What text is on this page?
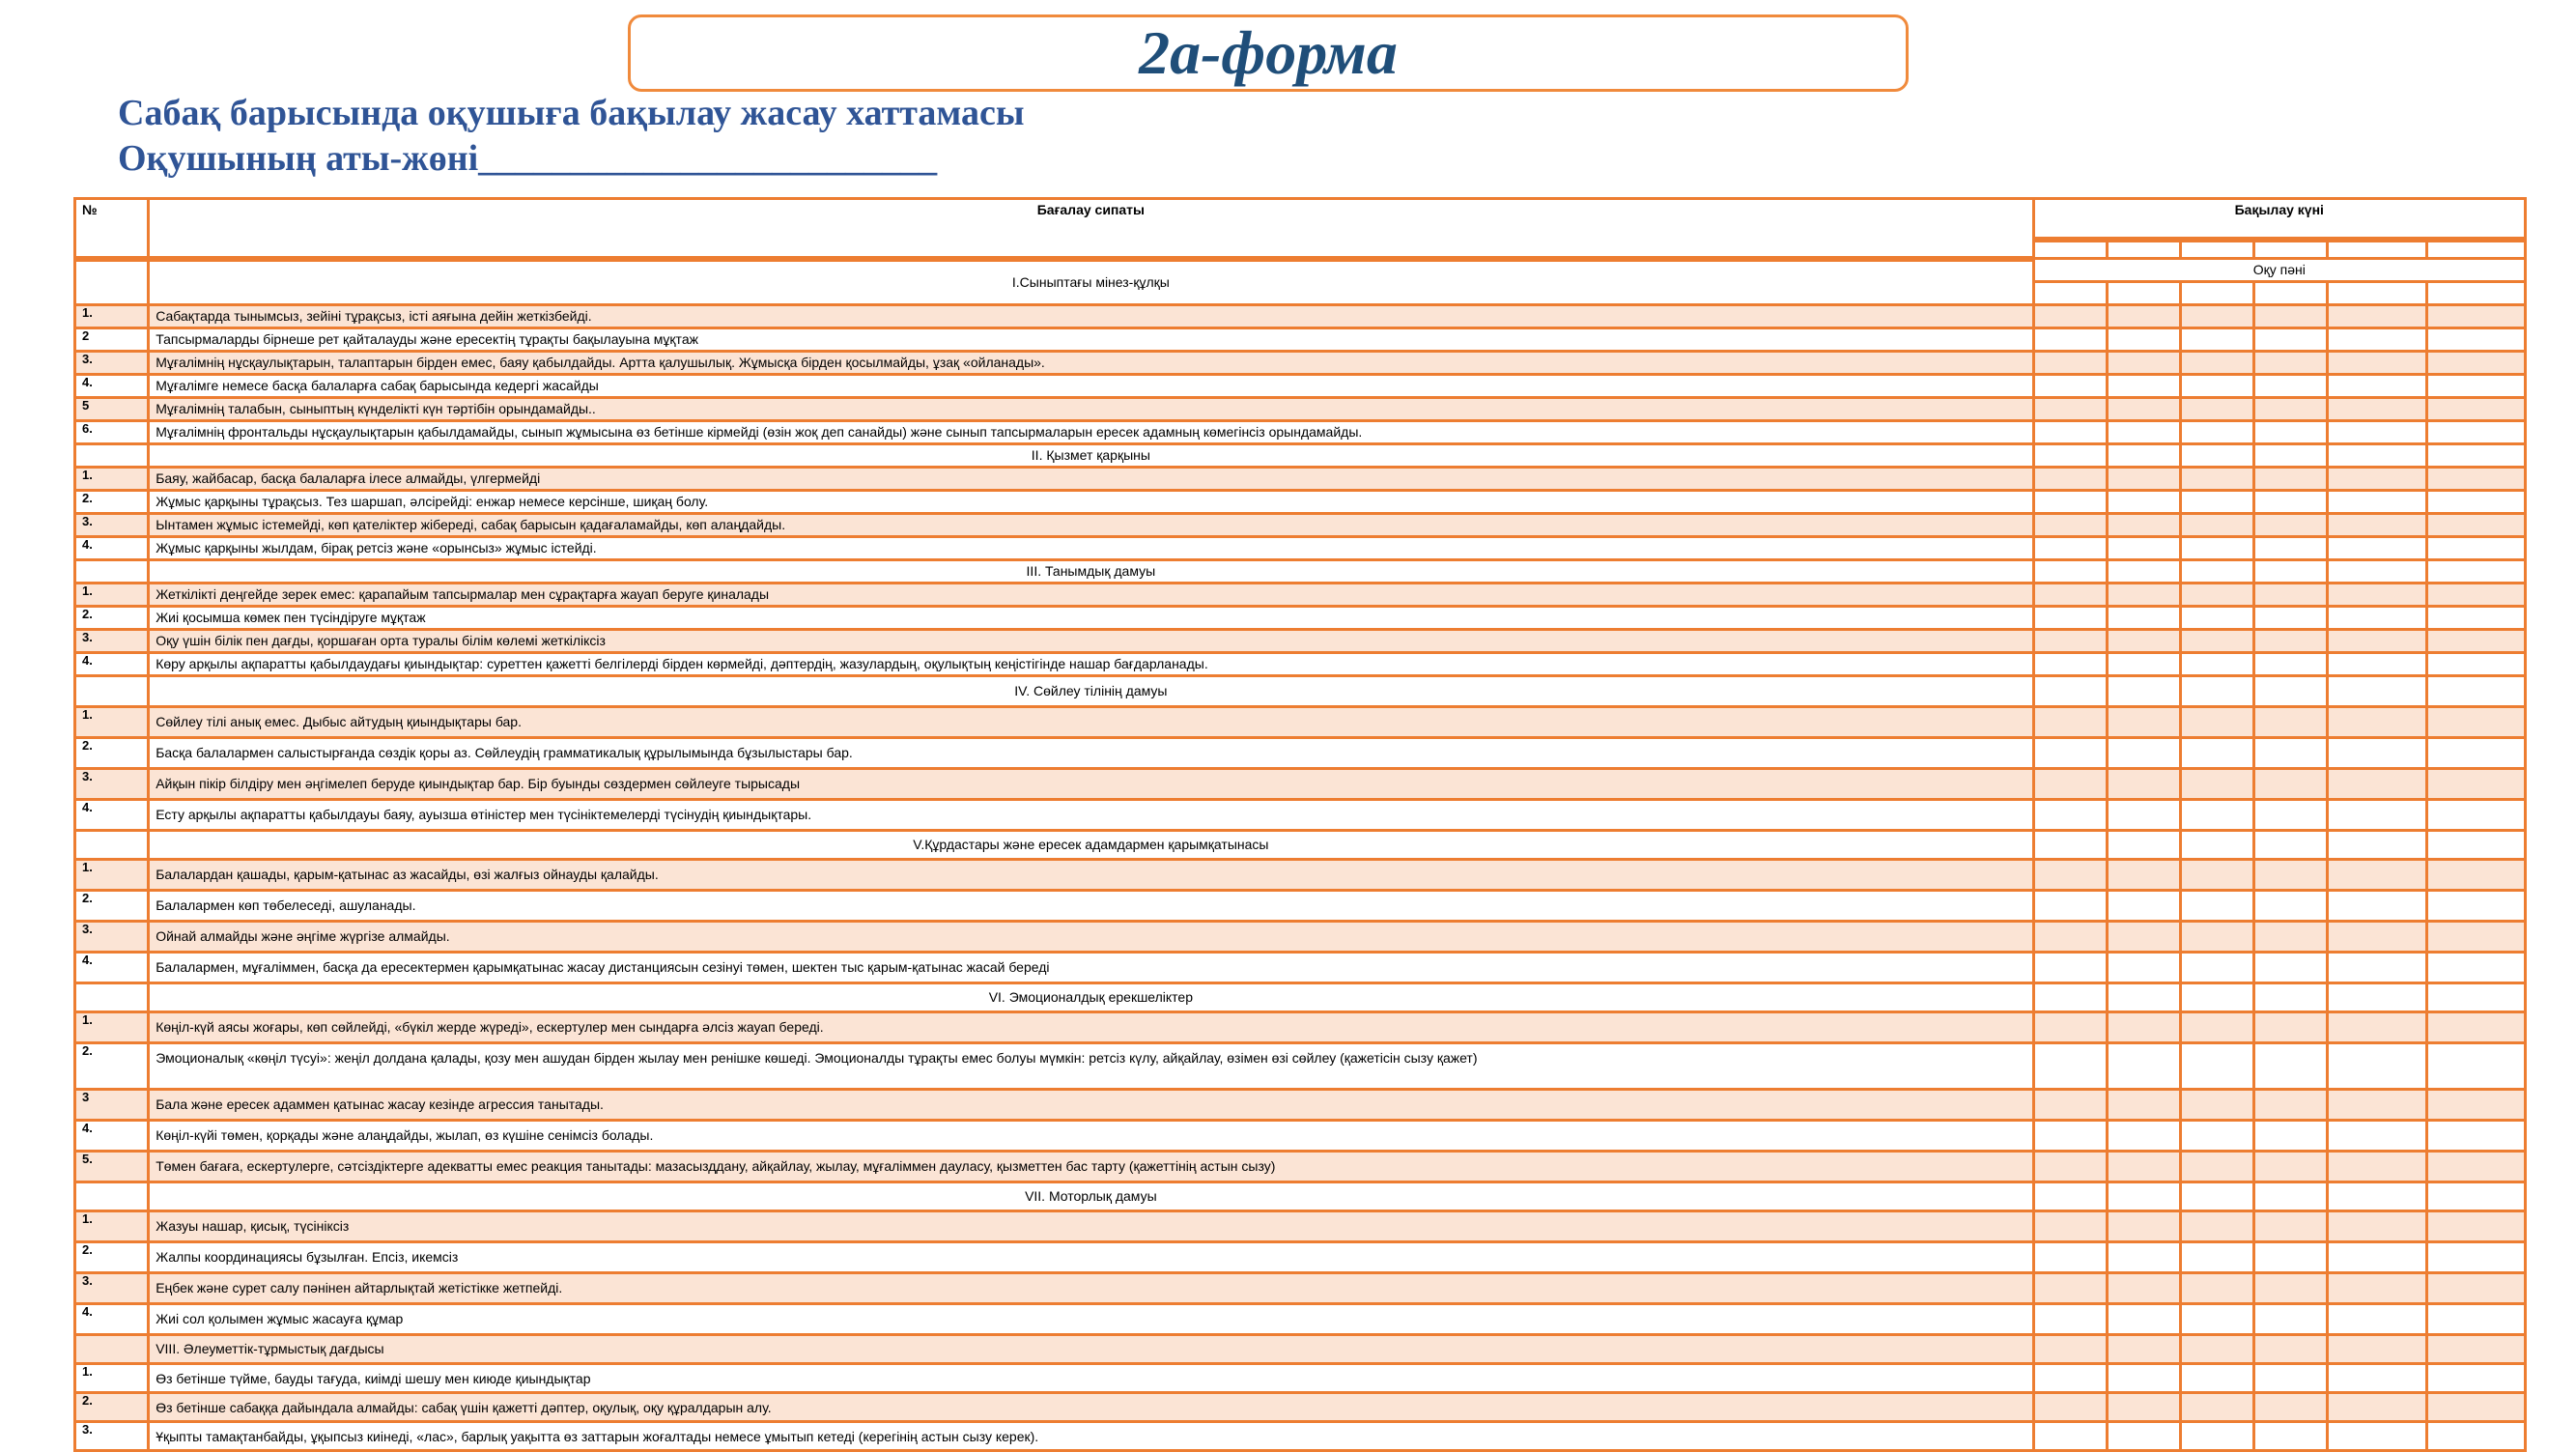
2а-форма
Сабақ барысында оқушыға бақылау жасау хаттамасы
Оқушының аты-жөні_________________________
№	Бағалау сипаты	Бақылау күні					

	І.Сыныптағы мінез-құлқы	Оқу пәні					

1.	Сабақтарда тынымсыз, зейіні тұрақсыз, істі аяғына дейін жеткізбейді.						
2	Тапсырмаларды бірнеше рет қайталауды және ересектің тұрақты бақылауына мұқтаж						
3.	Мұғалімнің нұсқаулықтарын, талаптарын бірден емес, баяу қабылдайды. Артта қалушылық. Жұмысқа бірден қосылмайды, ұзақ «ойланады».						
4.	Мұғалімге немесе басқа балаларға сабақ барысында кедергі жасайды						
5	Мұғалімнің талабын, сыныптың күнделікті күн тәртібін орындамайды..						
6.	Мұғалімнің фронтальды нұсқаулықтарын қабылдамайды, сынып жұмысына өз бетінше кірмейді (өзін жоқ деп санайды) және сынып тапсырмаларын ересек адамның көмегінсіз орындамайды.						
	ІІ. Қызмет қарқыны						
1.	Баяу, жайбасар, басқа балаларға ілесе алмайды, үлгермейді						
2.	Жұмыс қарқыны тұрақсыз. Тез шаршап, әлсірейді: енжар немесе керсінше, шиқаң болу.						
3.	Ынтамен жұмыс істемейді, көп қателіктер жібереді, сабақ барысын қадағаламайды, көп алаңдайды.						
4.	Жұмыс қарқыны жылдам, бірақ ретсіз және «орынсыз» жұмыс істейді.						
	ІІІ. Танымдық дамуы						
1.	Жеткілікті деңгейде зерек емес: қарапайым тапсырмалар мен сұрақтарға жауап беруге қиналады						
2.	Жиі қосымша көмек пен түсіндіруге мұқтаж						
3.	Оқу үшін білік пен дағды, қоршаған орта туралы білім көлемі жеткіліксіз						
4.	Көру арқылы ақпаратты қабылдаудағы қиындықтар: суреттен қажетті белгілерді бірден көрмейді, дәптердің, жазулардың, оқулықтың кеңістігінде нашар бағдарланады.						
	IV. Сөйлеу тілінің дамуы						
1.	Сөйлеу тілі анық емес. Дыбыс айтудың қиындықтары бар.						
2.	Басқа балалармен салыстырғанда сөздік қоры аз. Сөйлеудің грамматикалық құрылымында бұзылыстары бар.						
3.	Айқын пікір білдіру мен әңгімелеп беруде қиындықтар бар. Бір буынды сөздермен сөйлеуге тырысады						
4.	Есту арқылы ақпаратты қабылдауы баяу, ауызша өтіністер мен түсініктемелерді түсінудің қиындықтары.						
	V.Құрдастары және ересек адамдармен қарымқатынасы						
1.	Балалардан қашады, қарым-қатынас аз жасайды, өзі жалғыз ойнауды қалайды.						
2.	Балалармен көп төбелеседі, ашуланады.						
3.	Ойнай алмайды және әңгіме жүргізе алмайды.						
4.	Балалармен, мұғаліммен, басқа да ересектермен қарымқатынас жасау дистанциясын сезінуі төмен, шектен тыс қарым-қатынас жасай береді						
	VI. Эмоционалдық ерекшеліктер						
1.	Көңіл-күй аясы жоғары, көп сөйлейді, «бүкіл жерде жүреді», ескертулер мен сындарға әлсіз жауап береді.						
2.	Эмоционалық «көңіл түсуі»: жеңіл долдана қалады, қозу мен ашудан бірден жылау мен ренішке көшеді. Эмоционалды тұрақты емес болуы мүмкін: ретсіз күлу, айқайлау, өзімен өзі сөйлеу (қажетісін сызу қажет)						
3	Бала және ересек адаммен қатынас жасау кезінде агрессия танытады.						
4.	Көңіл-күйі төмен, қорқады және алаңдайды, жылап, өз күшіне сенімсіз болады.						
5.	Төмен бағаға, ескертулерге, сәтсіздіктерге адекватты емес реакция танытады: мазасызддану, айқайлау, жылау, мұғаліммен дауласу, қызметтен бас тарту (қажеттінің астын сызу)						
	VII. Моторлық дамуы						
1.	Жазуы нашар, қисық, түсініксіз						
2.	Жалпы координациясы бұзылған. Епсіз, икемсіз						
3.	Еңбек және сурет салу пәнінен айтарлықтай жетістікке жетпейді.						
4.	Жиі сол қолымен жұмыс жасауға құмар						
	VIII. Әлеуметтік-тұрмыстық дағдысы						
1.	Өз бетінше түйме, бауды тағуда, киімді шешу мен киюде қиындықтар						
2.	Өз бетінше сабаққа дайындала алмайды: сабақ үшін қажетті дәптер, оқулық, оқу құралдарын алу.						
3.	Ұқыпты тамақтанбайды, ұқыпсыз киінеді, «лас», барлық уақытта өз заттарын жоғалтады немесе ұмытып кетеді (керегінің астын сызу керек).						
